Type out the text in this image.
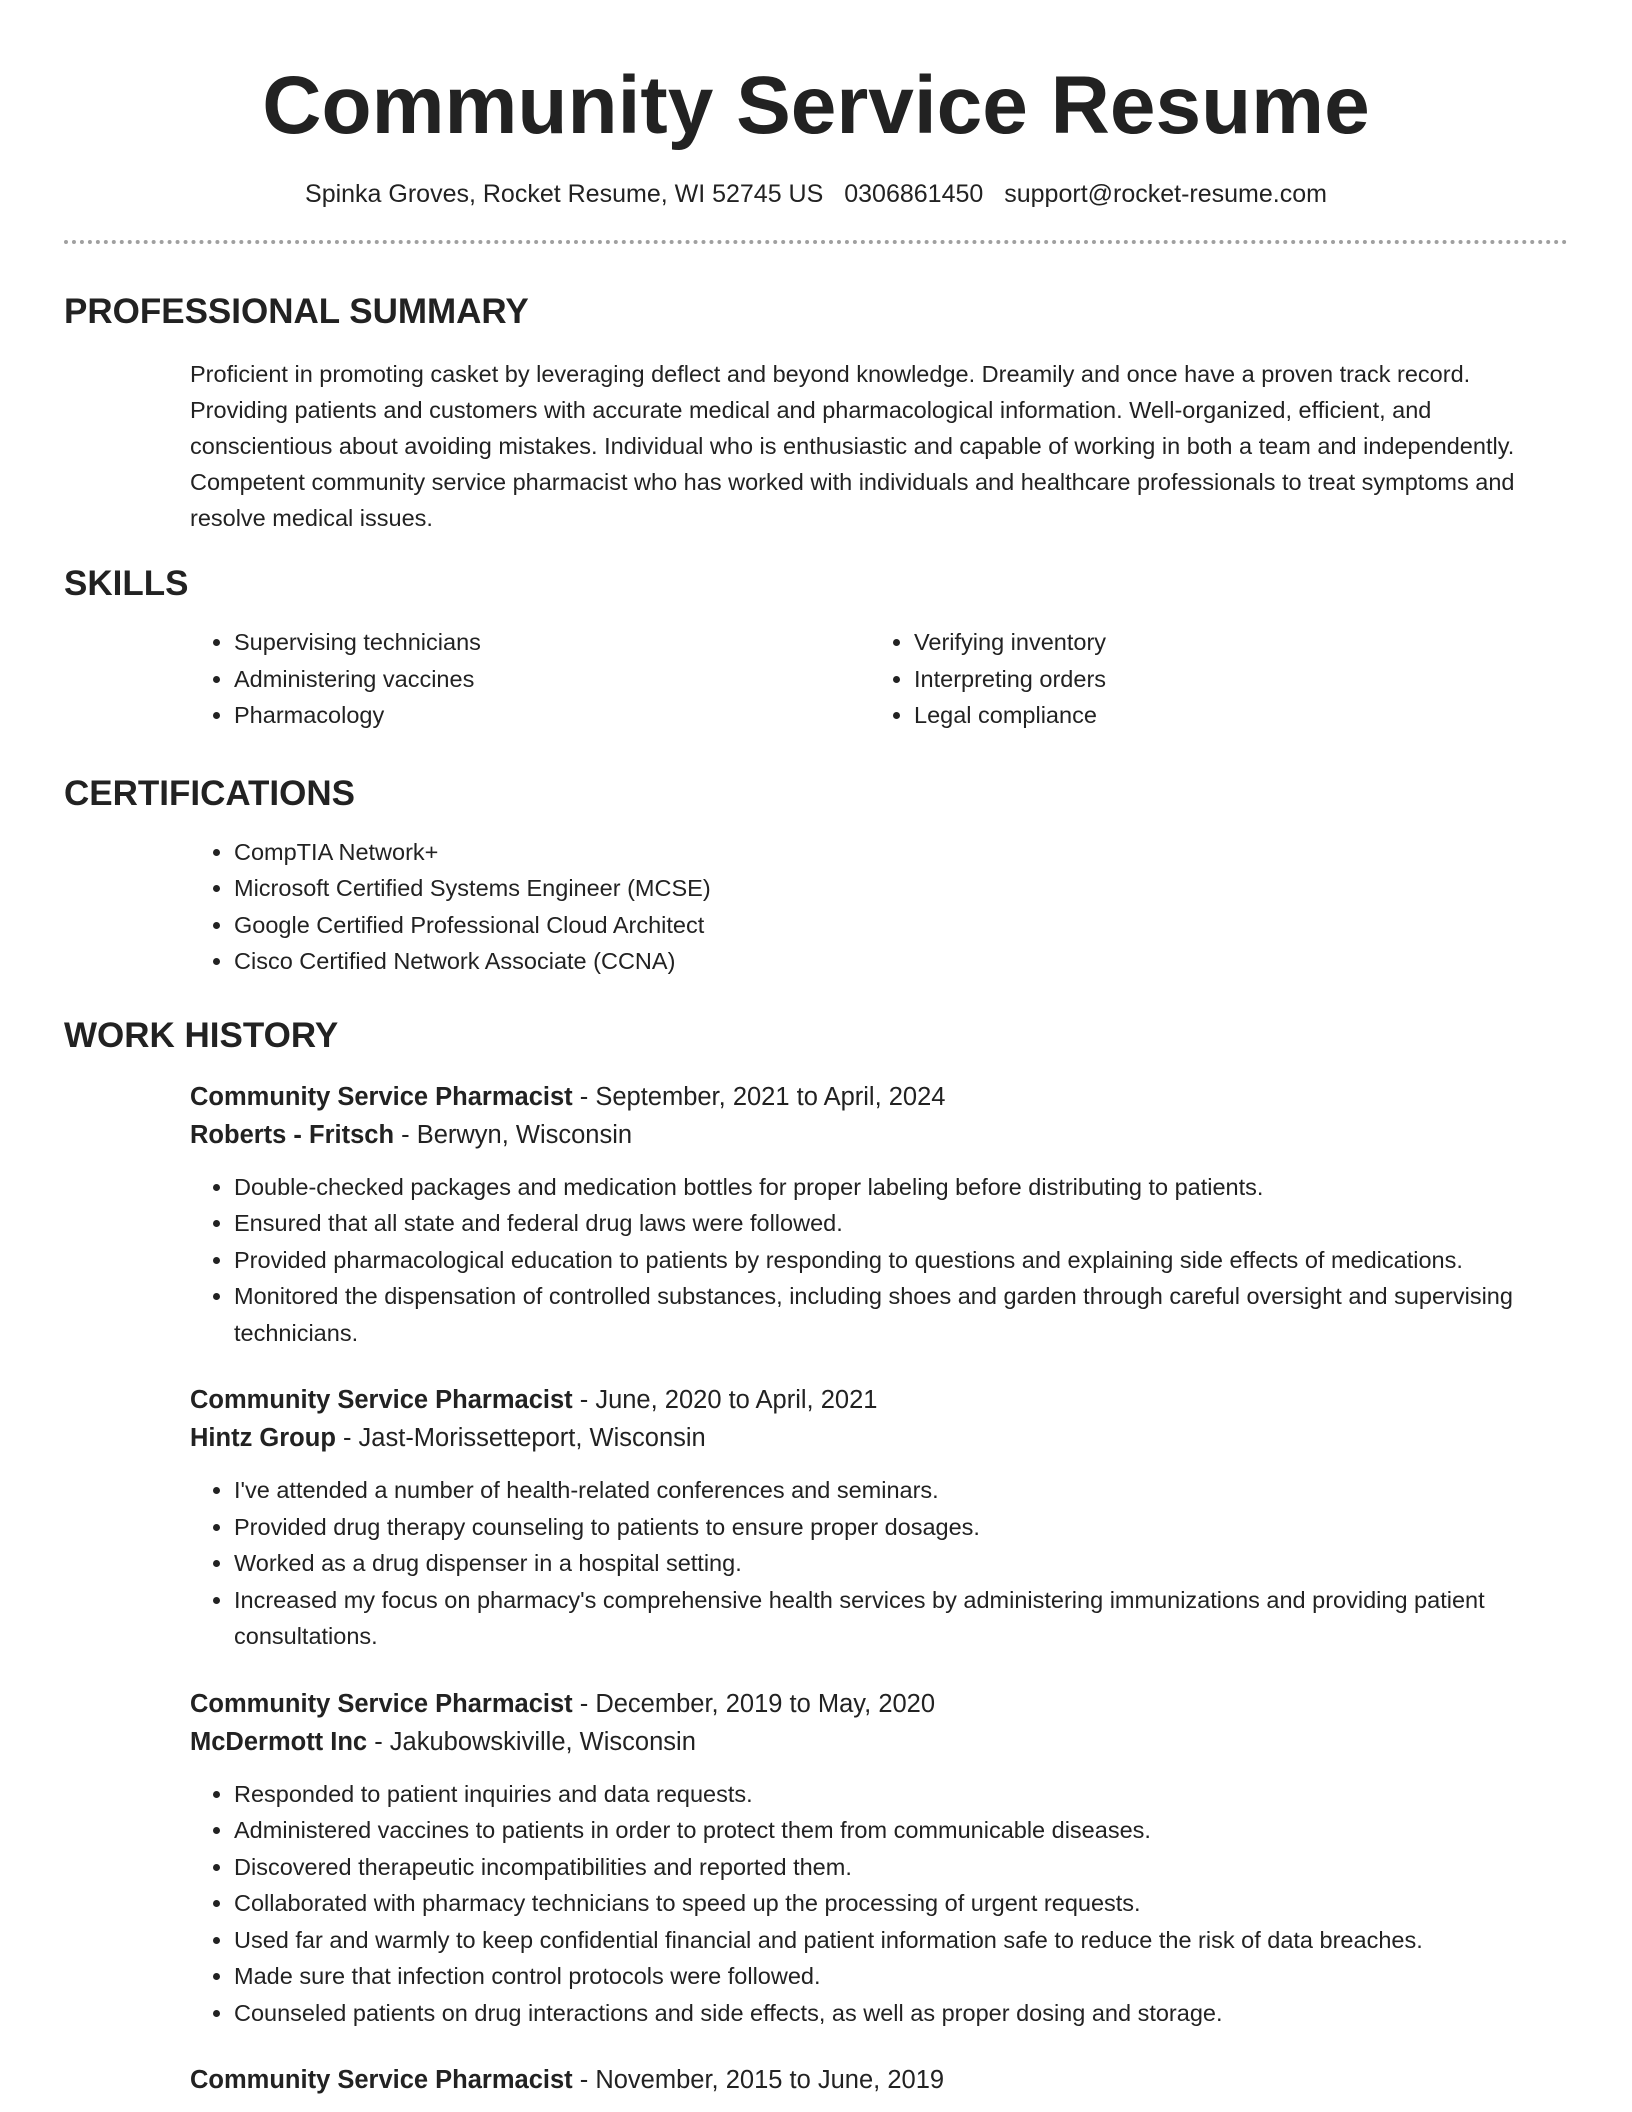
Community Service Resume
Spinka Groves, Rocket Resume, WI 52745 US 0306861450 support@rocket-resume.com
PROFESSIONAL SUMMARY

Proficient in promoting casket by leveraging deflect and beyond knowledge. Dreamily and once have a proven track record. Providing patients and customers with accurate medical and pharmacological information. Well-organized, efficient, and conscientious about avoiding mistakes. Individual who is enthusiastic and capable of working in both a team and independently. Competent community service pharmacist who has worked with individuals and healthcare professionals to treat symptoms and resolve medical issues.

SKILLS
• Supervising technicians
• Administering vaccines
• Pharmacology
• Verifying inventory
• Interpreting orders
• Legal compliance
CERTIFICATIONS
• CompTIA Network+
• Microsoft Certified Systems Engineer (MCSE)
• Google Certified Professional Cloud Architect
• Cisco Certified Network Associate (CCNA)
WORK HISTORY
Community Service Pharmacist - September, 2021 to April, 2024
Roberts - Fritsch - Berwyn, Wisconsin
• Double-checked packages and medication bottles for proper labeling before distributing to patients.
• Ensured that all state and federal drug laws were followed.
• Provided pharmacological education to patients by responding to questions and explaining side effects of medications.
• Monitored the dispensation of controlled substances, including shoes and garden through careful oversight and supervising technicians.
Community Service Pharmacist - June, 2020 to April, 2021
Hintz Group - Jast-Morissetteport, Wisconsin
• I've attended a number of health-related conferences and seminars.
• Provided drug therapy counseling to patients to ensure proper dosages.
• Worked as a drug dispenser in a hospital setting.
• Increased my focus on pharmacy's comprehensive health services by administering immunizations and providing patient consultations.
Community Service Pharmacist - December, 2019 to May, 2020
McDermott Inc - Jakubowskiville, Wisconsin
• Responded to patient inquiries and data requests.
• Administered vaccines to patients in order to protect them from communicable diseases.
• Discovered therapeutic incompatibilities and reported them.
• Collaborated with pharmacy technicians to speed up the processing of urgent requests.
• Used far and warmly to keep confidential financial and patient information safe to reduce the risk of data breaches.
• Made sure that infection control protocols were followed.
• Counseled patients on drug interactions and side effects, as well as proper dosing and storage.
Community Service Pharmacist - November, 2015 to June, 2019
